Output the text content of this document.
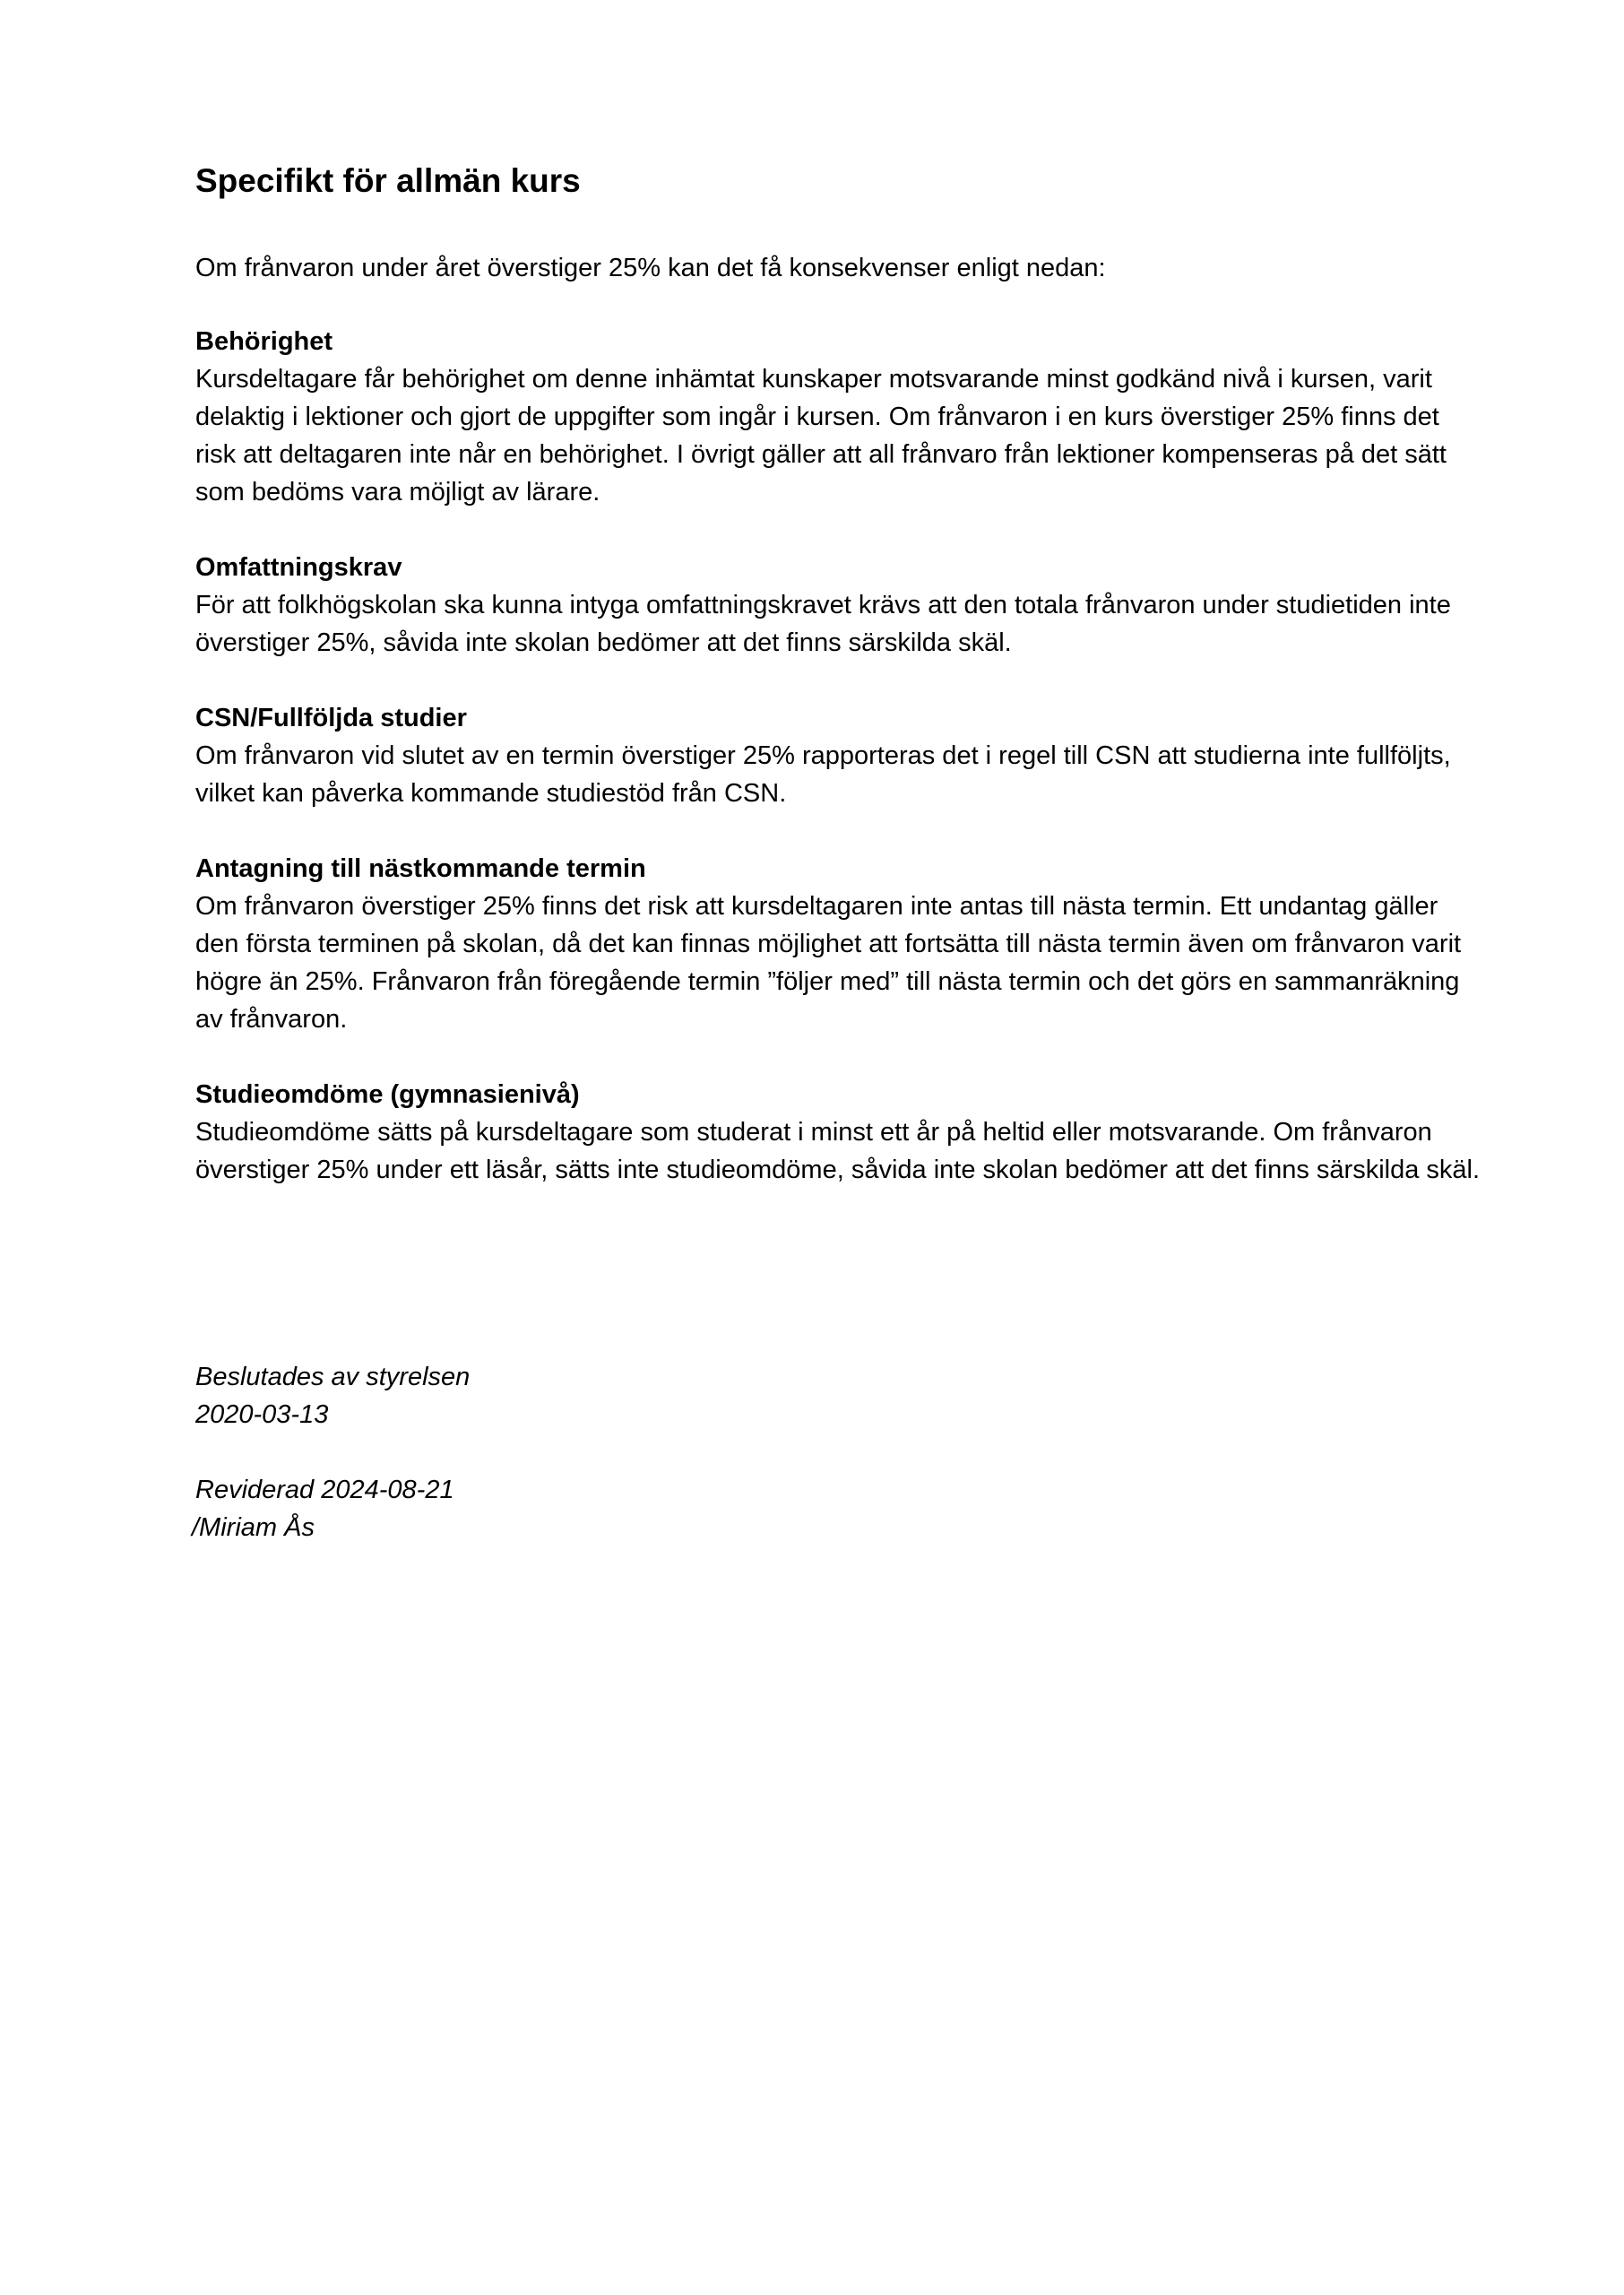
Specifikt för allmän kurs

Om frånvaron under året överstiger 25% kan det få konsekvenser enligt nedan:

Behörighet

Kursdeltagare får behörighet om denne inhämtat kunskaper motsvarande minst godkänd nivå i kursen, varit delaktig i lektioner och gjort de uppgifter som ingår i kursen. Om frånvaron i en kurs överstiger 25% finns det risk att deltagaren inte når en behörighet. I övrigt gäller att all frånvaro från lektioner kompenseras på det sätt som bedöms vara möjligt av lärare.

Omfattningskrav

För att folkhögskolan ska kunna intyga omfattningskravet krävs att den totala frånvaron under studietiden inte överstiger 25%, såvida inte skolan bedömer att det finns särskilda skäl.

CSN/Fullföljda studier

Om frånvaron vid slutet av en termin överstiger 25% rapporteras det i regel till CSN att studierna inte fullföljts, vilket kan påverka kommande studiestöd från CSN.

Antagning till nästkommande termin

Om frånvaron överstiger 25% finns det risk att kursdeltagaren inte antas till nästa termin. Ett undantag gäller den första terminen på skolan, då det kan finnas möjlighet att fortsätta till nästa termin även om frånvaron varit högre än 25%. Frånvaron från föregående termin ”följer med” till nästa termin och det görs en sammanräkning av frånvaron.

Studieomdöme (gymnasienivå)

Studieomdöme sätts på kursdeltagare som studerat i minst ett år på heltid eller motsvarande. Om frånvaron överstiger 25% under ett läsår, sätts inte studieomdöme, såvida inte skolan bedömer att det finns särskilda skäl.

Beslutades av styrelsen

2020-03-13

Reviderad 2024-08-21

/Miriam Ås
